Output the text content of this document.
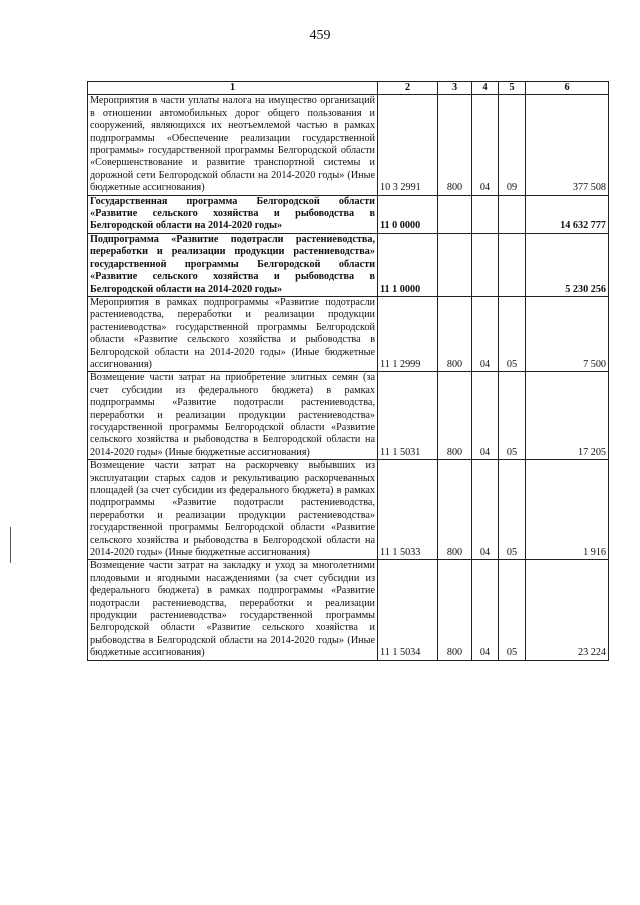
459
1	2	3	4	5	6
Мероприятия в части уплаты налога на имущество организаций в отношении автомобильных дорог общего пользования и сооружений, являющихся их неотъемлемой частью в рамках подпрограммы «Обеспечение реализации государственной программы» государственной программы Белгородской области «Совершенствование и развитие транспортной системы и дорожной сети Белгородской области на 2014-2020 годы» (Иные бюджетные ассигнования)	10 3 2991	800	04	09	377 508
Государственная программа Белгородской области «Развитие сельского хозяйства и рыбоводства в Белгородской области на 2014-2020 годы»	11 0 0000				14 632 777
Подпрограмма «Развитие подотрасли растениеводства, переработки и реализации продукции растениеводства» государственной программы Белгородской области «Развитие сельского хозяйства и рыбоводства в Белгородской области на 2014-2020 годы»	11 1 0000				5 230 256
Мероприятия в рамках подпрограммы «Развитие подотрасли растениеводства, переработки и реализации продукции растениеводства» государственной программы Белгородской области «Развитие сельского хозяйства и рыбоводства в Белгородской области на 2014-2020 годы» (Иные бюджетные ассигнования)	11 1 2999	800	04	05	7 500
Возмещение части затрат на приобретение элитных семян (за счет субсидии из федерального бюджета) в рамках подпрограммы «Развитие подотрасли растениеводства, переработки и реализации продукции растениеводства» государственной программы Белгородской области «Развитие сельского хозяйства и рыбоводства в Белгородской области на 2014-2020 годы» (Иные бюджетные ассигнования)	11 1 5031	800	04	05	17 205
Возмещение части затрат на раскорчевку выбывших из эксплуатации старых садов и рекультивацию раскорчеванных площадей (за счет субсидии из федерального бюджета) в рамках подпрограммы «Развитие подотрасли растениеводства, переработки и реализации продукции растениеводства» государственной программы Белгородской области «Развитие сельского хозяйства и рыбоводства в Белгородской области на 2014-2020 годы» (Иные бюджетные ассигнования)	11 1 5033	800	04	05	1 916
Возмещение части затрат на закладку и уход за многолетними плодовыми и ягодными насаждениями (за счет субсидии из федерального бюджета) в рамках подпрограммы «Развитие подотрасли растениеводства, переработки и реализации продукции растениеводства» государственной программы Белгородской области «Развитие сельского хозяйства и рыбоводства в Белгородской области на 2014-2020 годы» (Иные бюджетные ассигнования)	11 1 5034	800	04	05	23 224
